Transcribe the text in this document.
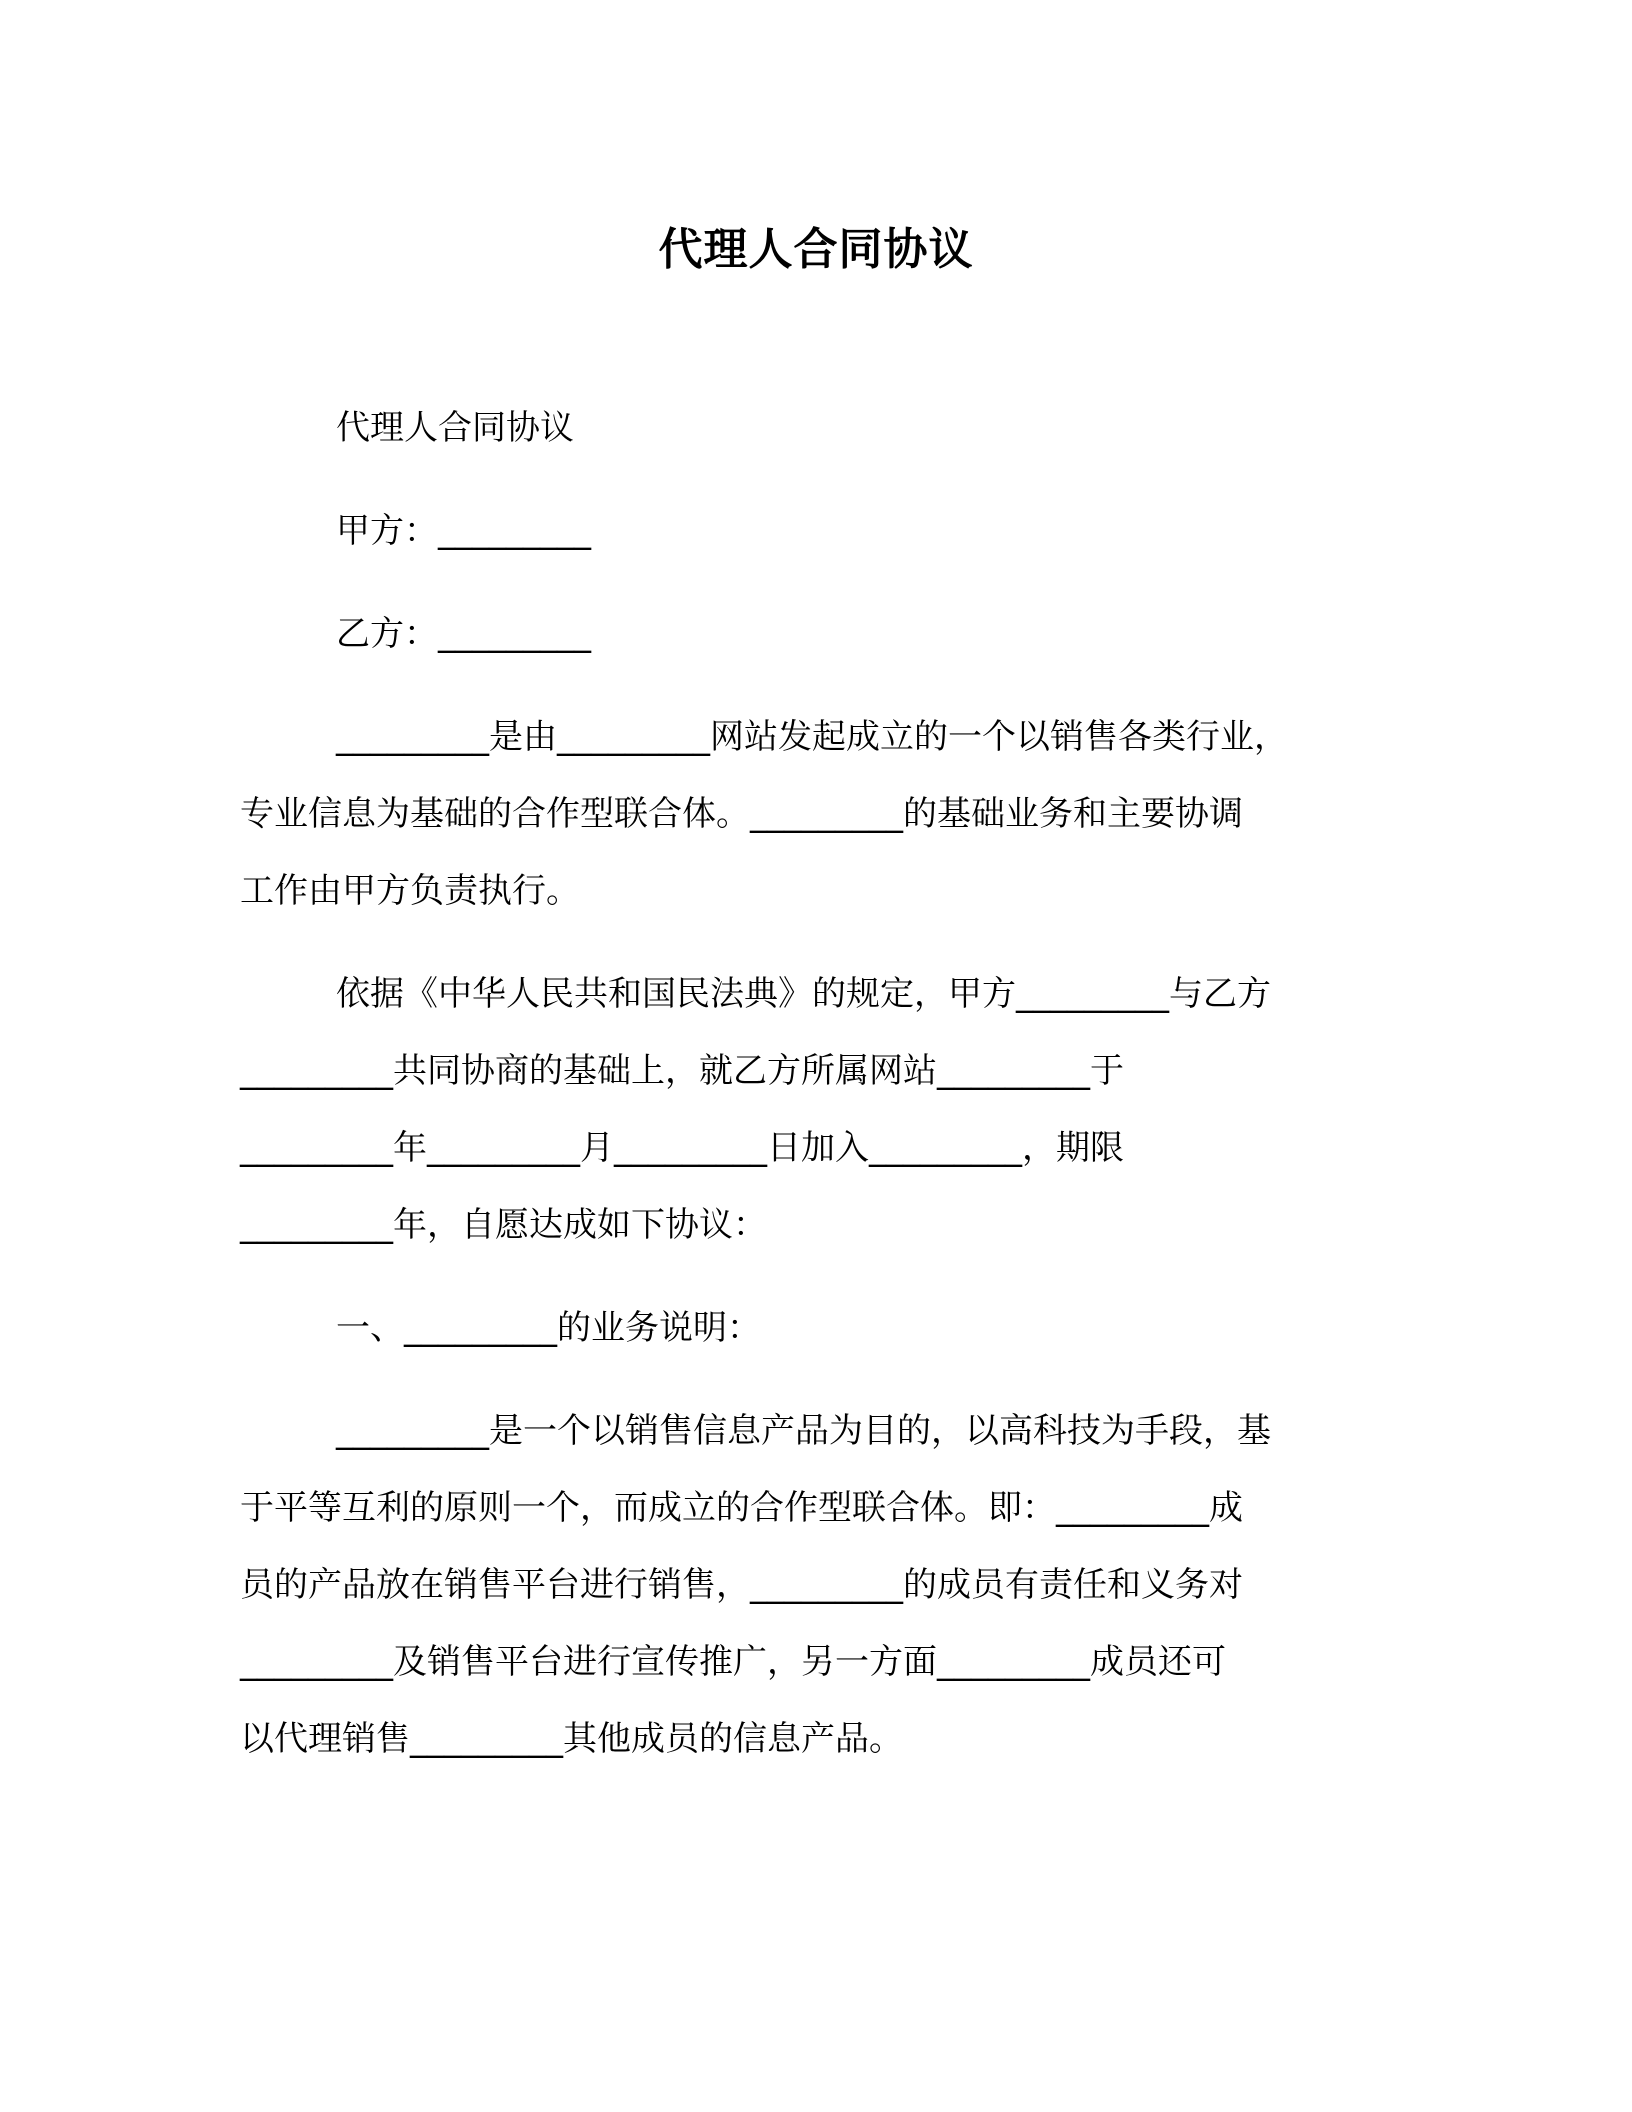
代理人合同协议
代理人合同协议
甲方：_________
乙方：_________
_________是由_________网站发起成立的一个以销售各类行业，
专业信息为基础的合作型联合体。_________的基础业务和主要协调
工作由甲方负责执行。
依据《中华人民共和国民法典》的规定，甲方_________与乙方
_________共同协商的基础上，就乙方所属网站_________于
_________年_________月_________日加入_________，期限
_________年，自愿达成如下协议：
一、_________的业务说明：
_________是一个以销售信息产品为目的，以高科技为手段，基
于平等互利的原则一个，而成立的合作型联合体。即：_________成
员的产品放在销售平台进行销售，_________的成员有责任和义务对
_________及销售平台进行宣传推广，另一方面_________成员还可
以代理销售_________其他成员的信息产品。
